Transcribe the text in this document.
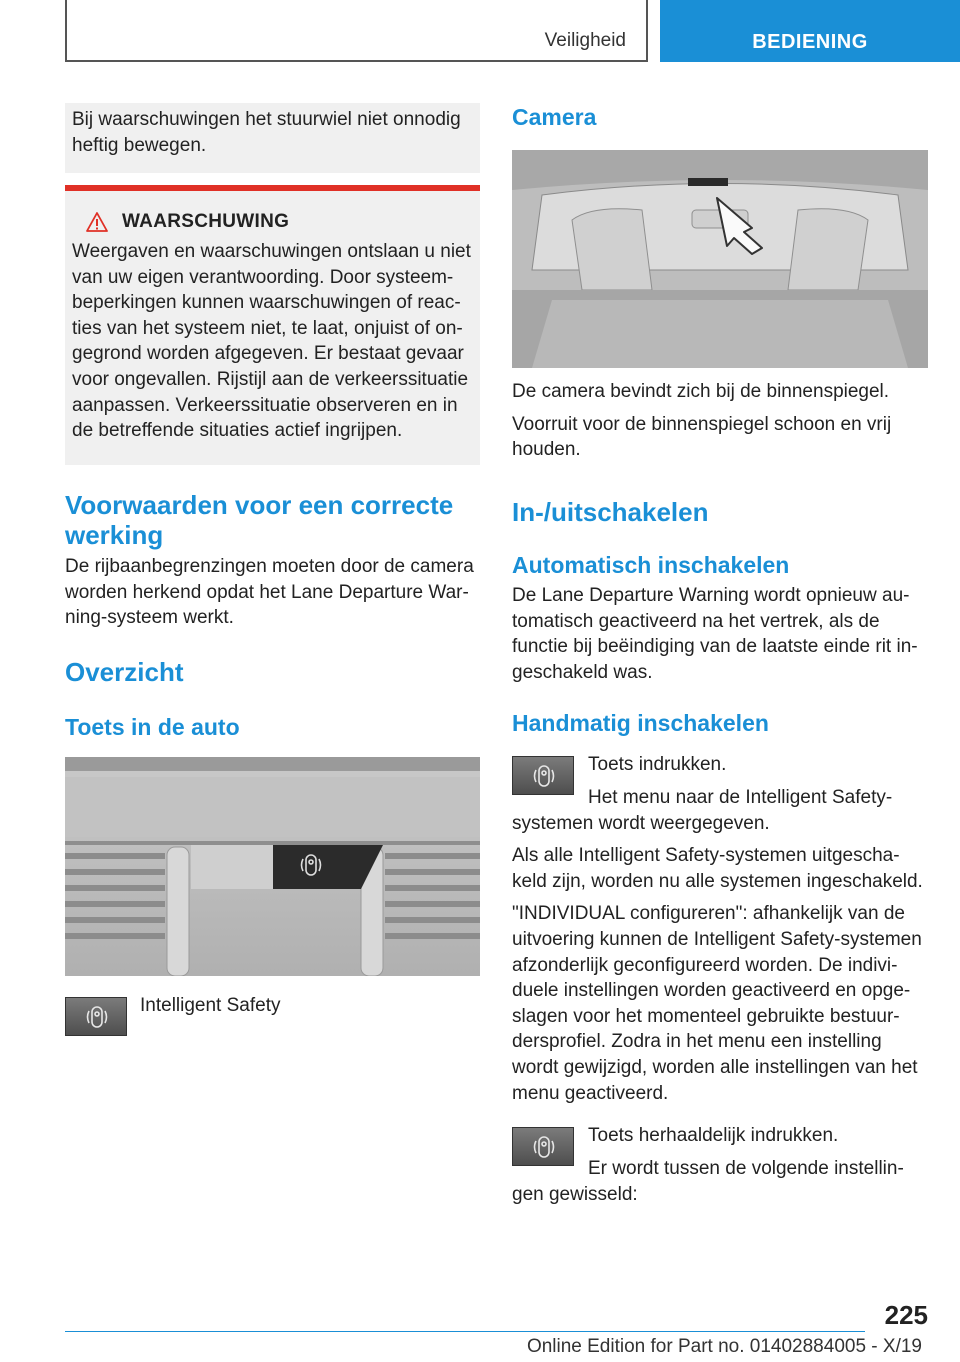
Veiligheid	BEDIENING

Bij waarschuwingen het stuurwiel niet onnodig heftig bewegen.

WAARSCHUWING

Weergaven en waarschuwingen ontslaan u niet van uw eigen verantwoording. Door systeem-beperkingen kunnen waarschuwingen of reac-ties van het systeem niet, te laat, onjuist of on-gegrond worden afgegeven. Er bestaat gevaar voor ongevallen. Rijstijl aan de verkeerssituatie aanpassen. Verkeerssituatie observeren en in de betreffende situaties actief ingrijpen.

Voorwaarden voor een correcte werking

De rijbaanbegrenzingen moeten door de camera worden herkend opdat het Lane Departure War-ning-systeem werkt.

Overzicht
Toets in de auto

Intelligent Safety

Camera

De camera bevindt zich bij de binnenspiegel.

Voorruit voor de binnenspiegel schoon en vrij houden.

In-/uitschakelen
Automatisch inschakelen

De Lane Departure Warning wordt opnieuw au-tomatisch geactiveerd na het vertrek, als de functie bij beëindiging van de laatste einde rit in-geschakeld was.

Handmatig inschakelen

Toets indrukken.

Het menu naar de Intelligent Safety-systemen wordt weergegeven.

Als alle Intelligent Safety-systemen uitgescha-keld zijn, worden nu alle systemen ingeschakeld.

"INDIVIDUAL configureren": afhankelijk van de uitvoering kunnen de Intelligent Safety-systemen afzonderlijk geconfigureerd worden. De indivi-duele instellingen worden geactiveerd en opge-slagen voor het momenteel gebruikte bestuur-dersprofiel. Zodra in het menu een instelling wordt gewijzigd, worden alle instellingen van het menu geactiveerd.

Toets herhaaldelijk indrukken.

Er wordt tussen de volgende instellin-gen gewisseld:

225
Online Edition for Part no. 01402884005 - X/19
